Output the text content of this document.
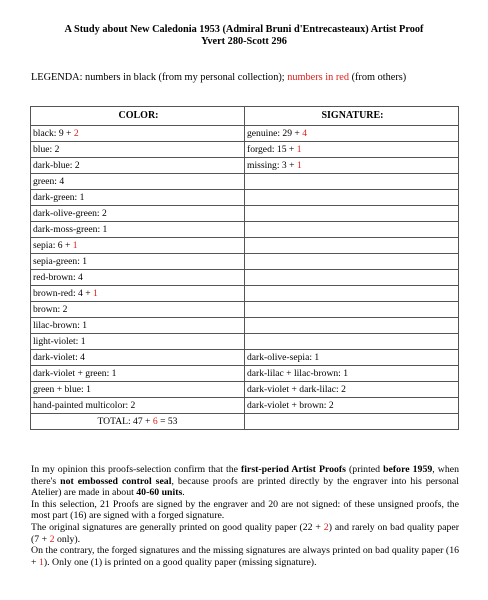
A Study about New Caledonia 1953 (Admiral Bruni d'Entrecasteaux) Artist Proof
Yvert 280-Scott 296
LEGENDA: numbers in black (from my personal collection); numbers in red (from others)
COLOR:	SIGNATURE:
black: 9 + 2	genuine: 29 + 4
blue: 2	forged: 15 + 1
dark-blue: 2	missing: 3 + 1
green: 4	
dark-green: 1	
dark-olive-green: 2	
dark-moss-green: 1	
sepia: 6 + 1	
sepia-green: 1	
red-brown: 4	
brown-red: 4 + 1	
brown: 2	
lilac-brown: 1	
light-violet: 1	
dark-violet: 4	dark-olive-sepia: 1
dark-violet + green: 1	dark-lilac + lilac-brown: 1
green + blue: 1	dark-violet + dark-lilac: 2
hand-painted multicolor: 2	dark-violet + brown: 2
TOTAL: 47 + 6 = 53	

In my opinion this proofs-selection confirm that the first-period Artist Proofs (printed before 1959, when there's not embossed control seal, because proofs are printed directly by the engraver into his personal Atelier) are made in about 40-60 units.

In this selection, 21 Proofs are signed by the engraver and 20 are not signed: of these unsigned proofs, the most part (16) are signed with a forged signature.

The original signatures are generally printed on good quality paper (22 + 2) and rarely on bad quality paper (7 + 2 only).

On the contrary, the forged signatures and the missing signatures are always printed on bad quality paper (16 + 1). Only one (1) is printed on a good quality paper (missing signature).
